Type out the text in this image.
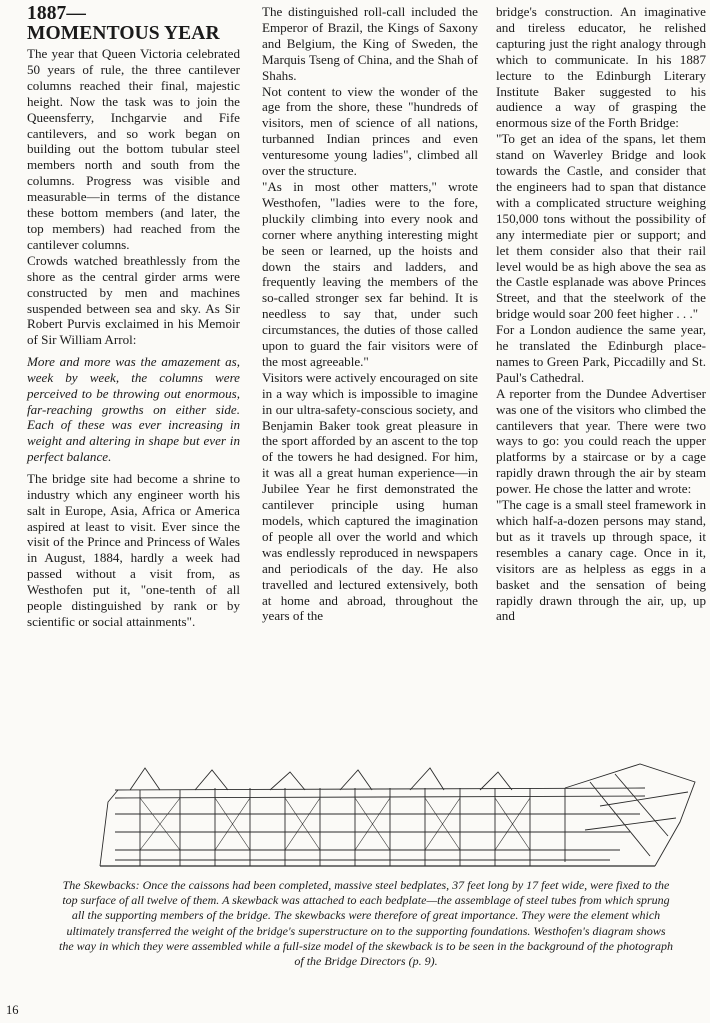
1887—
MOMENTOUS YEAR

The year that Queen Victoria celebrated 50 years of rule, the three cantilever columns reached their final, majestic height. Now the task was to join the Queensferry, Inchgarvie and Fife cantilevers, and so work began on building out the bottom tubular steel members north and south from the columns. Progress was visible and measurable—in terms of the distance these bottom members (and later, the top members) had reached from the cantilever columns.

Crowds watched breathlessly from the shore as the central girder arms were constructed by men and machines suspended between sea and sky. As Sir Robert Purvis exclaimed in his Memoir of Sir William Arrol:

More and more was the amazement as, week by week, the columns were perceived to be throwing out enormous, far-reaching growths on either side. Each of these was ever increasing in weight and altering in shape but ever in perfect balance.

The bridge site had become a shrine to industry which any engineer worth his salt in Europe, Asia, Africa or America aspired at least to visit. Ever since the visit of the Prince and Princess of Wales in August, 1884, hardly a week had passed without a visit from, as Westhofen put it, "one-tenth of all people distinguished by rank or by scientific or social attainments".

The distinguished roll-call included the Emperor of Brazil, the Kings of Saxony and Belgium, the King of Sweden, the Marquis Tseng of China, and the Shah of Shahs.

Not content to view the wonder of the age from the shore, these "hundreds of visitors, men of science of all nations, turbanned Indian princes and even venturesome young ladies", climbed all over the structure.

"As in most other matters," wrote Westhofen, "ladies were to the fore, pluckily climbing into every nook and corner where anything interesting might be seen or learned, up the hoists and down the stairs and ladders, and frequently leaving the members of the so-called stronger sex far behind. It is needless to say that, under such circumstances, the duties of those called upon to guard the fair visitors were of the most agreeable."

Visitors were actively encouraged on site in a way which is impossible to imagine in our ultra-safety-conscious society, and Benjamin Baker took great pleasure in the sport afforded by an ascent to the top of the towers he had designed. For him, it was all a great human experience—in Jubilee Year he first demonstrated the cantilever principle using human models, which captured the imagination of people all over the world and which was endlessly reproduced in newspapers and periodicals of the day. He also travelled and lectured extensively, both at home and abroad, throughout the years of the

bridge's construction. An imaginative and tireless educator, he relished capturing just the right analogy through which to communicate. In his 1887 lecture to the Edinburgh Literary Institute Baker suggested to his audience a way of grasping the enormous size of the Forth Bridge:

"To get an idea of the spans, let them stand on Waverley Bridge and look towards the Castle, and consider that the engineers had to span that distance with a complicated structure weighing 150,000 tons without the possibility of any intermediate pier or support; and let them consider also that their rail level would be as high above the sea as the Castle esplanade was above Princes Street, and that the steelwork of the bridge would soar 200 feet higher . . ."

For a London audience the same year, he translated the Edinburgh place-names to Green Park, Piccadilly and St. Paul's Cathedral.

A reporter from the Dundee Advertiser was one of the visitors who climbed the cantilevers that year. There were two ways to go: you could reach the upper platforms by a staircase or by a cage rapidly drawn through the air by steam power. He chose the latter and wrote:

"The cage is a small steel framework in which half-a-dozen persons may stand, but as it travels up through space, it resembles a canary cage. Once in it, visitors are as helpless as eggs in a basket and the sensation of being rapidly drawn through the air, up, up and

The Skewbacks: Once the caissons had been completed, massive steel bedplates, 37 feet long by 17 feet wide, were fixed to the top surface of all twelve of them. A skewback was attached to each bedplate—the assemblage of steel tubes from which sprung all the supporting members of the bridge. The skewbacks were therefore of great importance. They were the element which ultimately transferred the weight of the bridge's superstructure on to the supporting foundations. Westhofen's diagram shows the way in which they were assembled while a full-size model of the skewback is to be seen in the background of the photograph of the Bridge Directors (p. 9).
16
